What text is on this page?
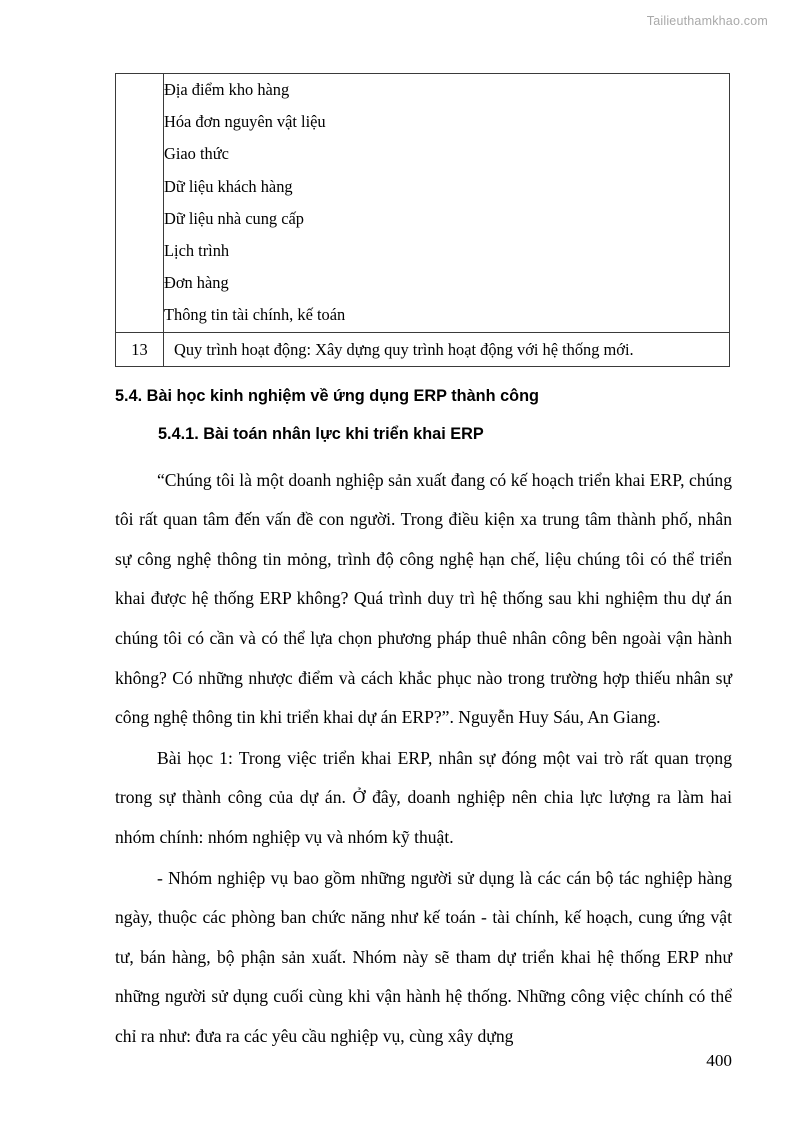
Tailieuthamkhao.com

Địa điểm kho hàng
Hóa đơn nguyên vật liệu
Giao thức
Dữ liệu khách hàng
Dữ liệu nhà cung cấp
Lịch trình
Đơn hàng
Thông tin tài chính, kế toán

13	Quy trình hoạt động: Xây dựng quy trình hoạt động với hệ thống mới.
5.4. Bài học kinh nghiệm về ứng dụng ERP thành công
5.4.1. Bài toán nhân lực khi triển khai ERP

“Chúng tôi là một doanh nghiệp sản xuất đang có kế hoạch triển khai ERP, chúng tôi rất quan tâm đến vấn đề con người. Trong điều kiện xa trung tâm thành phố, nhân sự công nghệ thông tin mỏng, trình độ công nghệ hạn chế, liệu chúng tôi có thể triển khai được hệ thống ERP không? Quá trình duy trì hệ thống sau khi nghiệm thu dự án chúng tôi có cần và có thể lựa chọn phương pháp thuê nhân công bên ngoài vận hành không? Có những nhược điểm và cách khắc phục nào trong trường hợp thiếu nhân sự công nghệ thông tin khi triển khai dự án ERP?”. Nguyễn Huy Sáu, An Giang.

Bài học 1: Trong việc triển khai ERP, nhân sự đóng một vai trò rất quan trọng trong sự thành công của dự án. Ở đây, doanh nghiệp nên chia lực lượng ra làm hai nhóm chính: nhóm nghiệp vụ và nhóm kỹ thuật.

- Nhóm nghiệp vụ bao gồm những người sử dụng là các cán bộ tác nghiệp hàng ngày, thuộc các phòng ban chức năng như kế toán - tài chính, kế hoạch, cung ứng vật tư, bán hàng, bộ phận sản xuất. Nhóm này sẽ tham dự triển khai hệ thống ERP như những người sử dụng cuối cùng khi vận hành hệ thống. Những công việc chính có thể chỉ ra như: đưa ra các yêu cầu nghiệp vụ, cùng xây dựng

400
